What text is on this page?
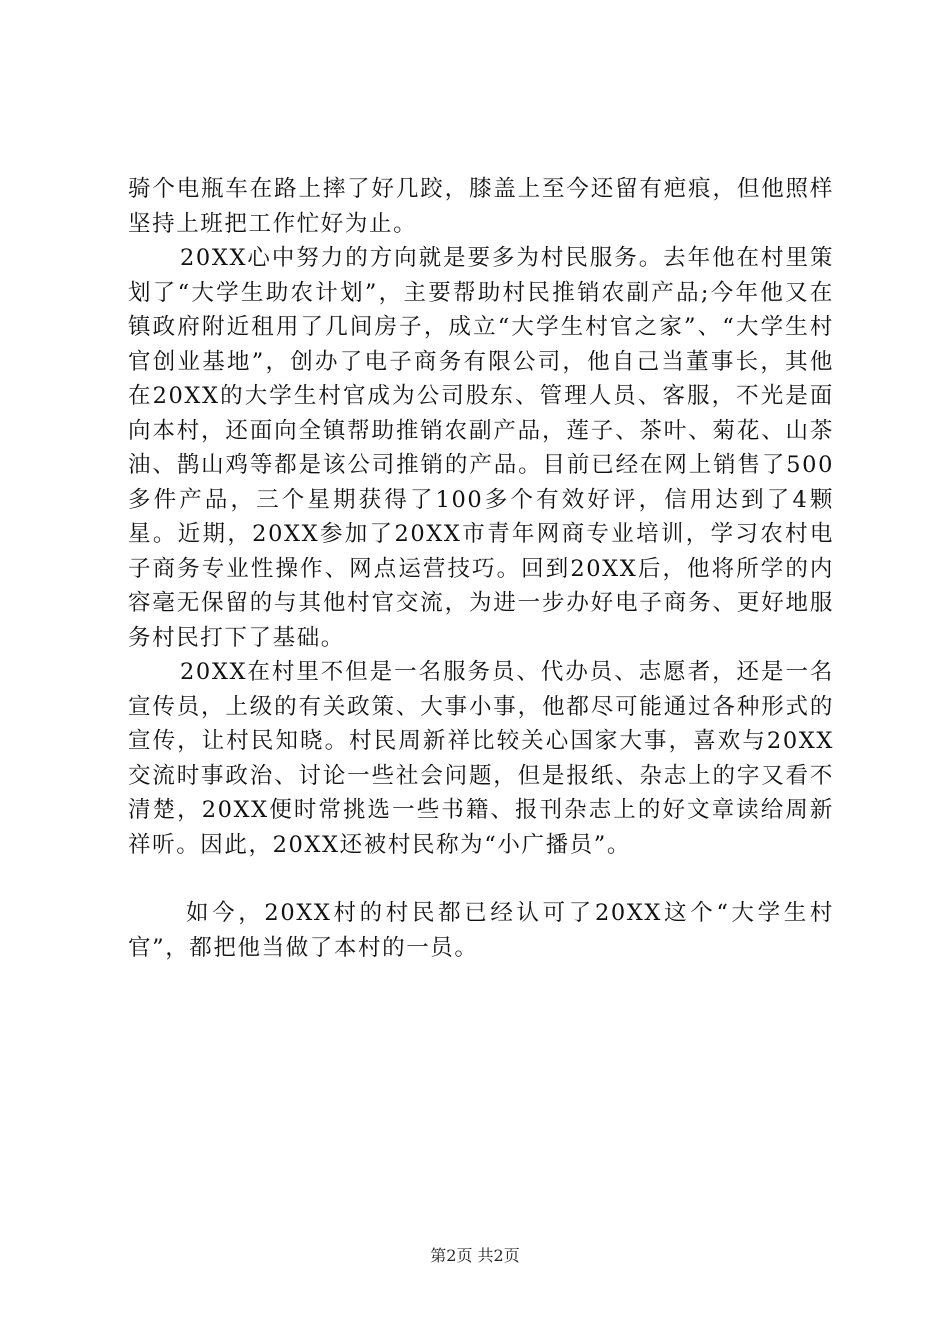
骑个电瓶车在路上摔了好几跤，膝盖上至今还留有疤痕，但他照样坚持上班把工作忙好为止。

20XX心中努力的方向就是要多为村民服务。去年他在村里策划了“大学生助农计划”，主要帮助村民推销农副产品;今年他又在镇政府附近租用了几间房子，成立“大学生村官之家”、“大学生村官创业基地”，创办了电子商务有限公司，他自己当董事长，其他在20XX的大学生村官成为公司股东、管理人员、客服，不光是面向本村，还面向全镇帮助推销农副产品，莲子、茶叶、菊花、山茶油、鹊山鸡等都是该公司推销的产品。目前已经在网上销售了500多件产品，三个星期获得了100多个有效好评，信用达到了4颗星。近期，20XX参加了20XX市青年网商专业培训，学习农村电子商务专业性操作、网点运营技巧。回到20XX后，他将所学的内容毫无保留的与其他村官交流，为进一步办好电子商务、更好地服务村民打下了基础。

20XX在村里不但是一名服务员、代办员、志愿者，还是一名宣传员，上级的有关政策、大事小事，他都尽可能通过各种形式的宣传，让村民知晓。村民周新祥比较关心国家大事，喜欢与20XX交流时事政治、讨论一些社会问题，但是报纸、杂志上的字又看不清楚，20XX便时常挑选一些书籍、报刊杂志上的好文章读给周新祥听。因此，20XX还被村民称为“小广播员”。

如今，20XX村的村民都已经认可了20XX这个“大学生村官”，都把他当做了本村的一员。

第2页 共2页
